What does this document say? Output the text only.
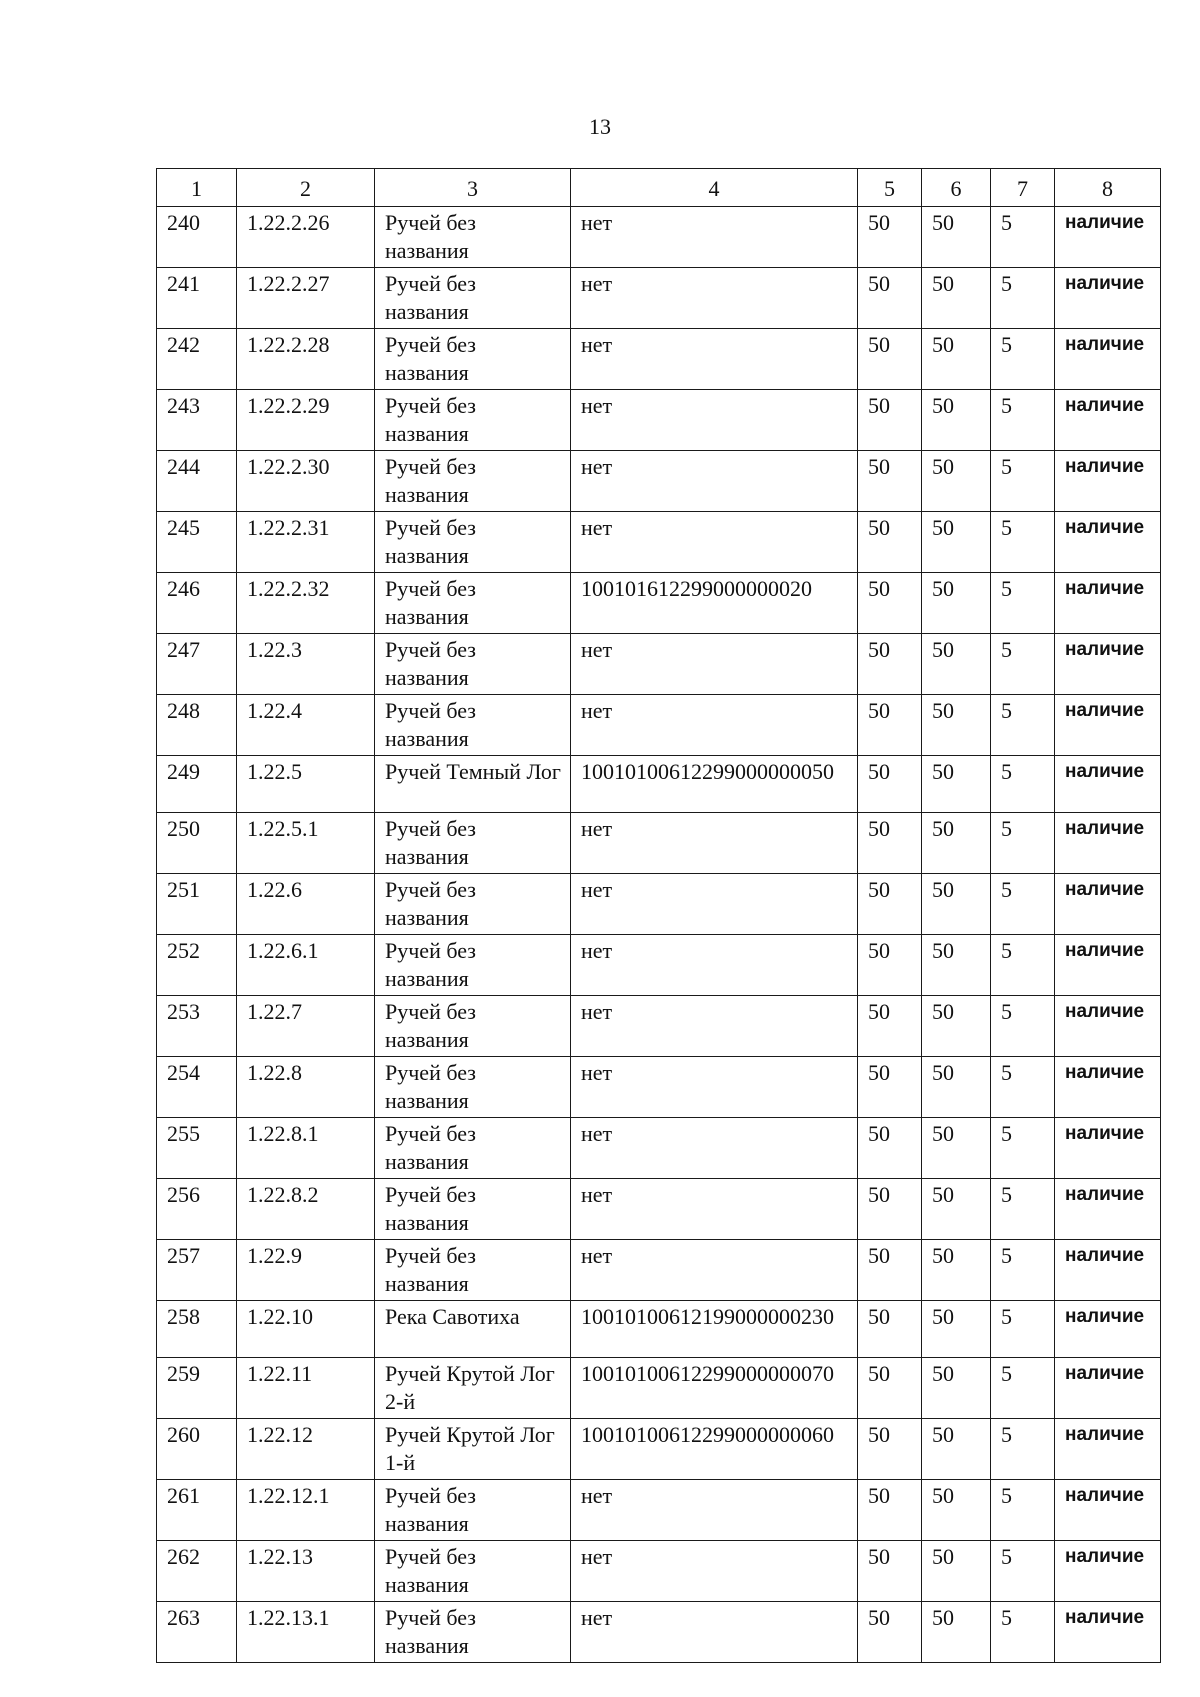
13
1	2	3	4	5	6	7	8
240	1.22.2.26	Ручей без названия	нет	50	50	5	наличие
241	1.22.2.27	Ручей без названия	нет	50	50	5	наличие
242	1.22.2.28	Ручей без названия	нет	50	50	5	наличие
243	1.22.2.29	Ручей без названия	нет	50	50	5	наличие
244	1.22.2.30	Ручей без названия	нет	50	50	5	наличие
245	1.22.2.31	Ручей без названия	нет	50	50	5	наличие
246	1.22.2.32	Ручей без названия	100101612299000000020	50	50	5	наличие
247	1.22.3	Ручей без названия	нет	50	50	5	наличие
248	1.22.4	Ручей без названия	нет	50	50	5	наличие
249	1.22.5	Ручей Темный Лог	10010100612299000000050	50	50	5	наличие
250	1.22.5.1	Ручей без названия	нет	50	50	5	наличие
251	1.22.6	Ручей без названия	нет	50	50	5	наличие
252	1.22.6.1	Ручей без названия	нет	50	50	5	наличие
253	1.22.7	Ручей без названия	нет	50	50	5	наличие
254	1.22.8	Ручей без названия	нет	50	50	5	наличие
255	1.22.8.1	Ручей без названия	нет	50	50	5	наличие
256	1.22.8.2	Ручей без названия	нет	50	50	5	наличие
257	1.22.9	Ручей без названия	нет	50	50	5	наличие
258	1.22.10	Река Савотиха	10010100612199000000230	50	50	5	наличие
259	1.22.11	Ручей Крутой Лог 2-й	10010100612299000000070	50	50	5	наличие
260	1.22.12	Ручей Крутой Лог 1-й	10010100612299000000060	50	50	5	наличие
261	1.22.12.1	Ручей без названия	нет	50	50	5	наличие
262	1.22.13	Ручей без названия	нет	50	50	5	наличие
263	1.22.13.1	Ручей без названия	нет	50	50	5	наличие
